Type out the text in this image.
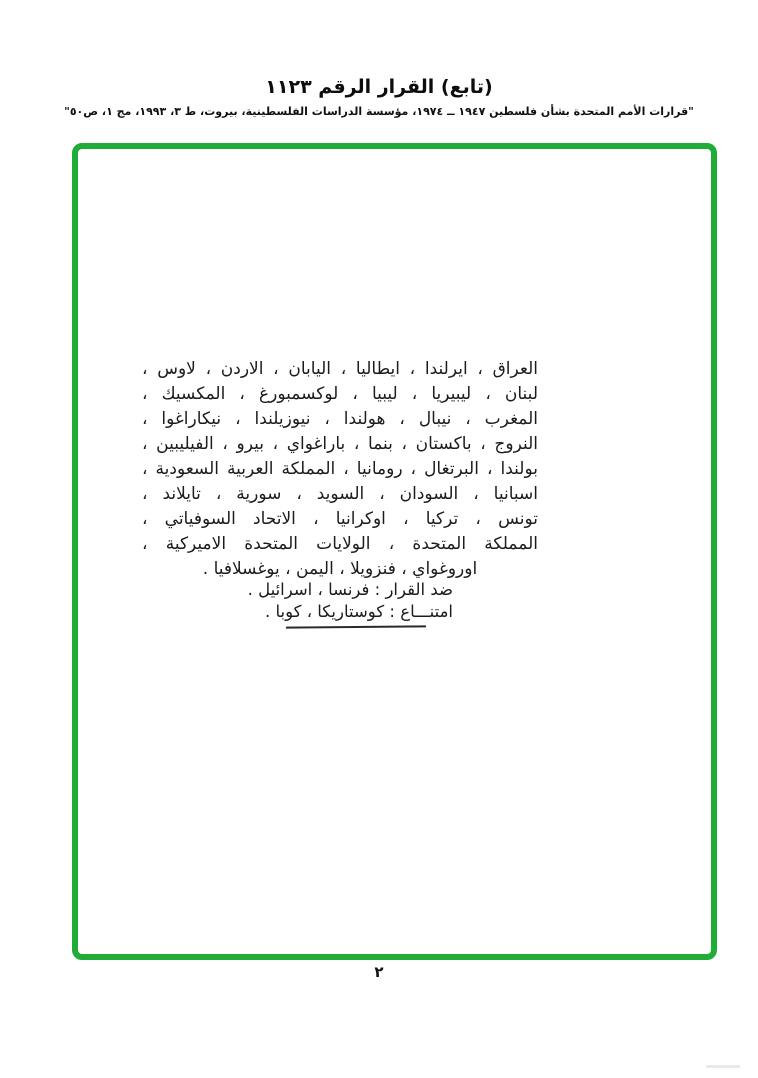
(تابع) القرار الرقم ١١٢٣
"قرارات الأمم المتحدة بشأن فلسطين ١٩٤٧ ــ ١٩٧٤، مؤسسة الدراسات الفلسطينية، بيروت، ط ٣، ١٩٩٣، مج ١، ص٥٠"
العراق ، ايرلندا ، ايطاليا ، اليابان ، الاردن ، لاوس ،
لبنان ، ليبيريا ، ليبيا ، لوكسمبورغ ، المكسيك ،
المغرب ، نيبال ، هولندا ، نيوزيلندا ، نيكاراغوا ،
النروج ، باكستان ، بنما ، باراغواي ، بيرو ، الفيليبين ،
بولندا ، البرتغال ، رومانيا ، المملكة العربية السعودية ،
اسبانيا ، السودان ، السويد ، سورية ، تايلاند ،
تونس ، تركيا ، اوكرانيا ، الاتحاد السوفياتي ،
المملكة المتحدة ، الولايات المتحدة الاميركية ،
اوروغواي ، فنزويلا ، اليمن ، يوغسلافيا .
ضد القرار : فرنسا ، اسرائيل .
امتنـــاع : كوستاريكا ، كوبا .
٢
